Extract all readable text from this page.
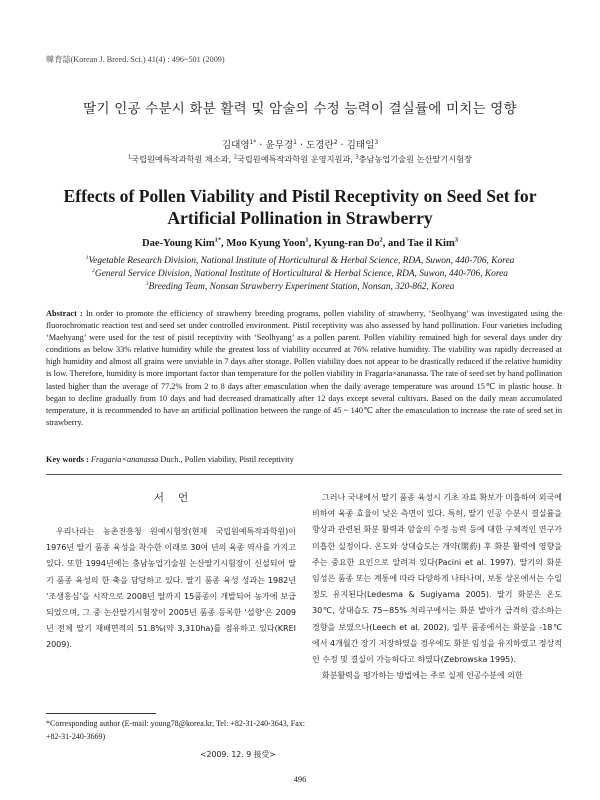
韓育誌(Korean J. Breed. Sci.) 41(4) : 496~501 (2009)
딸기 인공 수분시 화분 활력 및 암술의 수정 능력이 결실률에 미치는 영향
김대영$^{1*}$ · 윤무경$^1$ · 도경란$^2$ · 김태일$^3$
$^1$국립원예특작과학원 채소과, $^2$국립원예특작과학원 운영지원과, $^3$충남농업기술원 논산딸기시험장
Effects of Pollen Viability and Pistil Receptivity on Seed Set for Artificial Pollination in Strawberry
Dae-Young Kim$^{1*}$, Moo Kyung Yoon$^1$, Kyung-ran Do$^2$, and Tae il Kim$^3$
$^1$Vegetable Research Division, National Institute of Horticultural & Herbal Science, RDA, Suwon, 440-706, Korea
$^2$General Service Division, National Institute of Horticultural & Herbal Science, RDA, Suwon, 440-706, Korea
$^3$Breeding Team, Nonsan Strawberry Experiment Station, Nonsan, 320-862, Korea
Abstract : In order to promote the efficiency of strawberry breeding programs, pollen viability of strawberry, ‘Seolhyang’ was investigated using the fluorochromatic reaction test and seed set under controlled environment. Pistil receptivity was also assessed by hand pollination. Four varieties including ‘Maehyang’ were used for the test of pistil receptivity with ‘Seolhyang’ as a pollen parent. Pollen viability remained high for several days under dry conditions as below 33% relative humidity while the greatest loss of viability occurred at 76% relative humidity. The viability was rapidly decreased at high humidity and almost all grains were unviable in 7 days after storage. Pollen viability does not appear to be drastically reduced if the relative humidity is low. Therefore, humidity is more important factor than temperature for the pollen viability in Fragaria×ananassa. The rate of seed set by hand pollination lasted higher than the average of 77.2% from 2 to 8 days after emasculation when the daily average temperature was around 15℃ in plastic house. It began to decline gradually from 10 days and had decreased dramatically after 12 days except several cultivars. Based on the daily mean accumulated temperature, it is recommended to have an artificial pollination between the range of 45 ~ 140℃ after the emasculation to increase the rate of seed set in strawberry.
Key words : Fragaria×ananassa Duch., Pollen viability, Pistil receptivity
서언

우리나라는 농촌진흥청 원예시험장(현재 국립원예특작과학원)이 1976년 딸기 품종 육성을 착수한 이래로 30여 년의 육종 역사를 가지고 있다. 또한 1994년에는 충남농업기술원 논산딸기시험장이 신설되어 딸기 품종 육성의 한 축을 담당하고 있다. 딸기 품종 육성 성과는 1982년 ‘조생홍심’을 시작으로 2008년 딸까지 15품종이 개발되어 농가에 보급되었으며, 그 중 논산딸기시험장이 2005년 품종 등록한 ‘설향’은 2009년 전체 딸기 재배면적의 51.8%(약 3,310ha)를 점유하고 있다(KREI 2009).

그러나 국내에서 딸기 품종 육성시 기초 자료 확보가 미흡하여 외국에 비하여 육종 효율이 낮은 측면이 있다. 특히, 딸기 인공 수분시 결실률을 향상과 관련된 화분 활력과 암술의 수정 능력 등에 대한 구체적인 연구가 미흡한 실정이다. 온도와 상대습도는 개약(開葯) 후 화분 활력에 영향을 주는 중요한 요인으로 알려져 있다(Pacini et al. 1997). 딸기의 화분 임성은 품종 또는 계통에 따라 다양하게 나타나며, 보통 상온에서는 수일 정도 유지된다(Ledesma & Sugiyama 2005). 딸기 화분은 온도 30℃, 상대습도 75~85% 처리구에서는 화분 발아가 급격히 감소하는 경향을 보였으나(Leech et al. 2002), 일부 품종에서는 화분을 -18℃에서 4개월간 장기 저장하였을 경우에도 화분 임성을 유지하였고 정상적인 수정 및 결실이 가능하다고 하였다(Zebrowska 1995).

화분활력을 평가하는 방법에는 주로 실제 인공수분에 의한

*Corresponding author (E-mail: young78@korea.kr, Tel: +82-31-240-3643, Fax: +82-31-240-3669)
<2009. 12. 9 接受>
496
